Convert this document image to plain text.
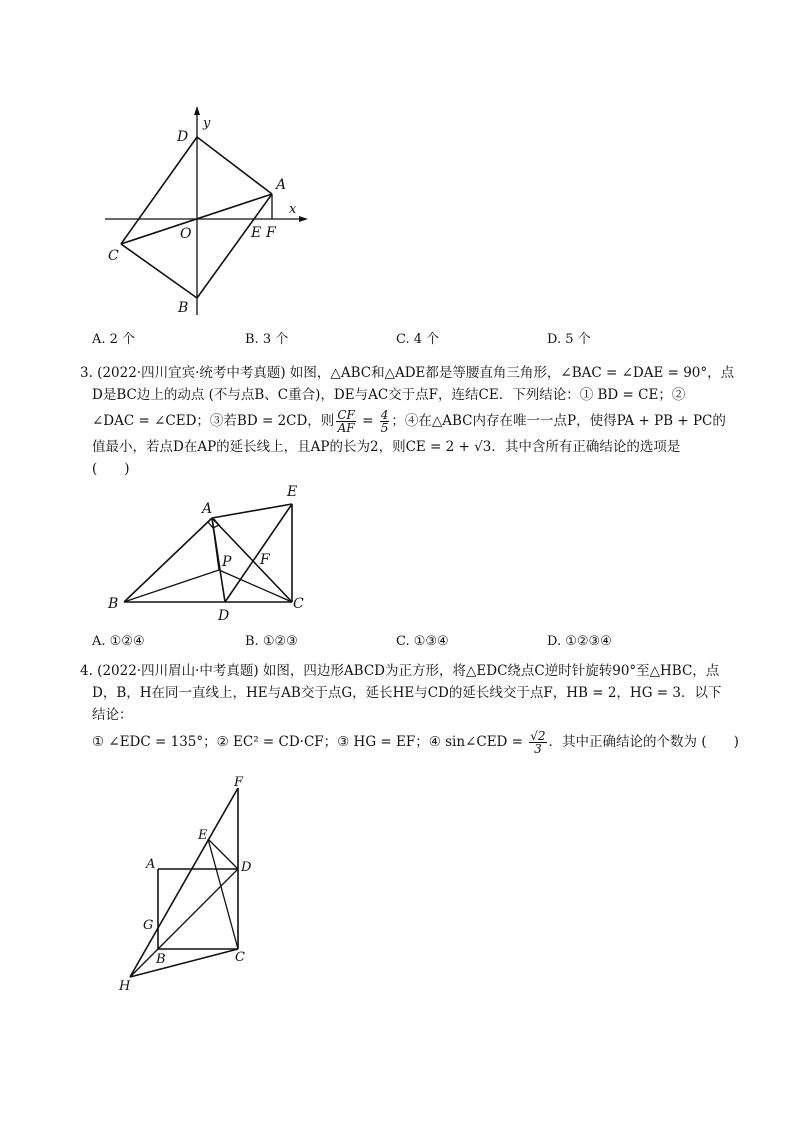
D
y
A
x
O	E F
C
B
A. 2 个	B. 3 个	C. 4 个	D. 5 个
3. (2022·四川宜宾·统考中考真题) 如图，△ABC和△ADE都是等腰直角三角形，∠BAC = ∠DAE = 90°，点
D是BC边上的动点 (不与点B、C重合)，DE与AC交于点F，连结CE．下列结论：① BD = CE；②
∠DAC = ∠CED；③若BD = 2CD，则 $\frac{CF}{AF} = \frac{4}{5}$ ；④在△ABC内存在唯一一点P，使得PA + PB + PC的
值最小，若点D在AP的延长线上，且AP的长为2，则CE = 2 + √3．其中含所有正确结论的选项是
(　　)
A
E
P F
B
D
C
A. ①②④	B. ①②③	C. ①③④	D. ①②③④
4. (2022·四川眉山·中考真题) 如图，四边形ABCD为正方形，将△EDC绕点C逆时针旋转90°至△HBC，点
D，B，H在同一直线上，HE与AB交于点G，延长HE与CD的延长线交于点F，HB = 2，HG = 3．以下
结论：
① ∠EDC = 135°；② EC² = CD·CF；③ HG = EF；④ sin∠CED = $\frac{√2}{3}$ ．其中正确结论的个数为 (　　)
F
E
A	D
G
B	C
H
